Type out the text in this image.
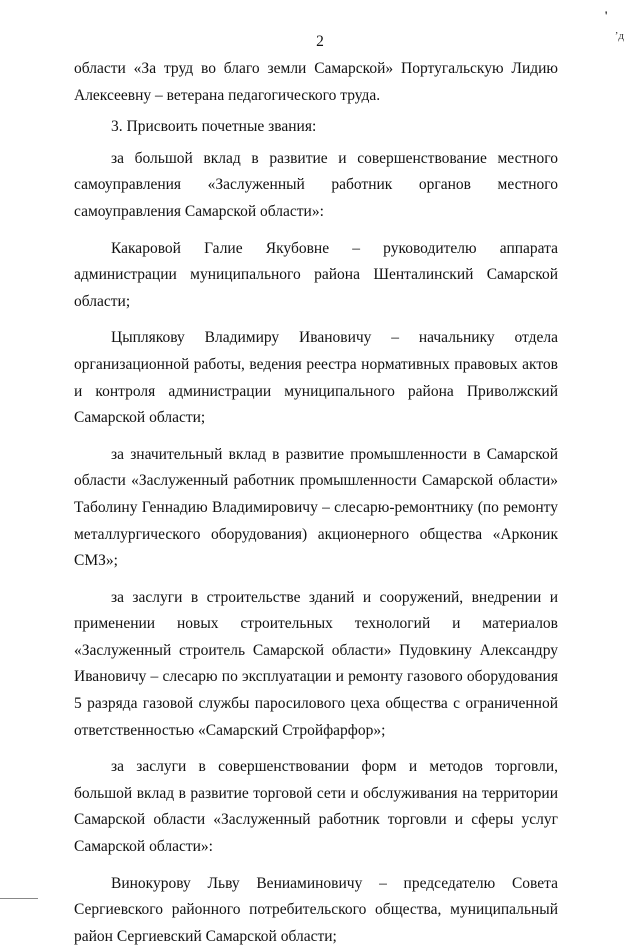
'
’д
2

области «За труд во благо земли Самарской» Португальскую Лидию Алексеевну – ветерана педагогического труда.

3. Присвоить почетные звания:

за большой вклад в развитие и совершенствование местного самоуправления «Заслуженный работник органов местного самоуправления Самарской области»:

Какаровой Галие Якубовне – руководителю аппарата администрации муниципального района Шенталинский Самарской области;

Цыплякову Владимиру Ивановичу – начальнику отдела организационной работы, ведения реестра нормативных правовых актов и контроля администрации муниципального района Приволжский Самарской области;

за значительный вклад в развитие промышленности в Самарской области «Заслуженный работник промышленности Самарской области» Таболину Геннадию Владимировичу – слесарю-ремонтнику (по ремонту металлургического оборудования) акционерного общества «Арконик СМЗ»;

за заслуги в строительстве зданий и сооружений, внедрении и применении новых строительных технологий и материалов «Заслуженный строитель Самарской области» Пудовкину Александру Ивановичу – слесарю по эксплуатации и ремонту газового оборудования 5 разряда газовой службы паросилового цеха общества с ограниченной ответственностью «Самарский Стройфарфор»;

за заслуги в совершенствовании форм и методов торговли, большой вклад в развитие торговой сети и обслуживания на территории Самарской области «Заслуженный работник торговли и сферы услуг Самарской области»:

Винокурову Льву Вениаминовичу – председателю Совета Сергиевского районного потребительского общества, муниципальный район Сергиевский Самарской области;
